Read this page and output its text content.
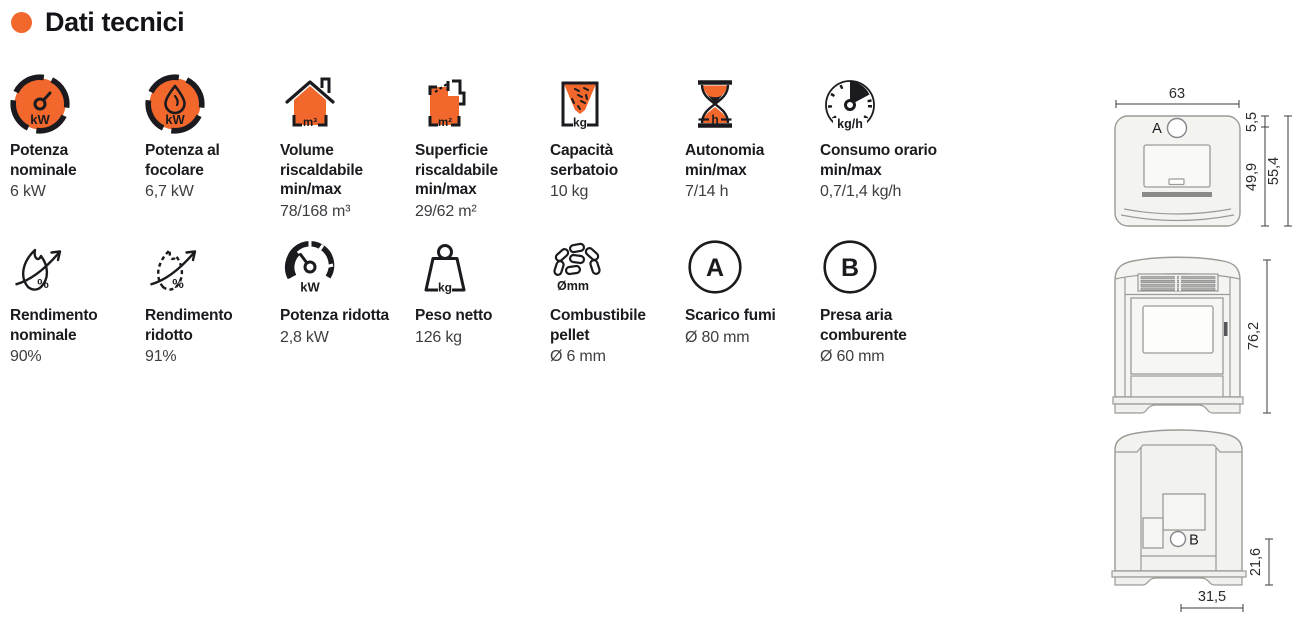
Dati tecnici
kW
Potenza nominale
6 kW
kW
Potenza al focolare
6,7 kW
m³
Volume riscaldabile min/max
78/168 m³
m²
Superficie riscaldabile min/max
29/62 m²
kg
Capacità serbatoio
10 kg
h
Autonomia min/max
7/14 h
kg/h
Consumo orario min/max
0,7/1,4 kg/h
%
Rendimento nominale
90%
%
Rendimento ridotto
91%
kW
Potenza ridotta
2,8 kW
kg
Peso netto
126 kg
Ømm
Combustibile pellet
Ø 6 mm
A
Scarico fumi
Ø 80 mm
B
Presa aria comburente
Ø 60 mm
63
A	5,5
49,9 55,4
76,2
B
21,6
31,5
